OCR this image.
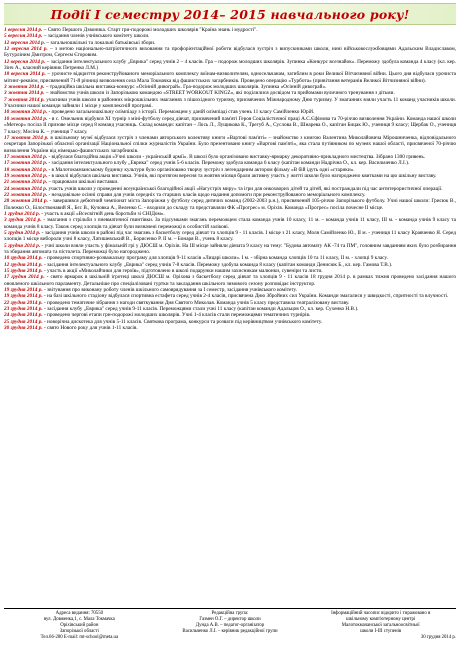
Події І семестру 2014– 2015 навчального року!

1 вересня 2014 р. – Свято Першого Дзвоника. Старт гри-подорожі молодших школярів "Країна знань і мудрості".

5 вересня 2014 р. – засідання членів учнівського комітету школи.

12 вересня 2014 р. – загальношкільні та локальні батьківські збори.

12 вересня 2014 р. – з метою національно-патріотичного виховання та профорієнтаційної роботи відбулася зустріч з випускниками школи, нині військовослужбовцями Адальским Владиславом, Бутурліним Дмитром, Сергеєм Єгоровим.

12 вересня 2014 р. – засідання інтелектуального клубу „Еврика" серед учнів 2 – 4 класів. Гра – подорож молодших школярів. Зупинка «Конкурс всезнайок». Переможу здобула команда 4 класу (кл. кер. Зінч А., класний керівник Петренко Л.М.)

18 вересня 2014 р. – урочисте відкриття реконструйованого меморіального комплексу воїнам-визволителям, односельчанам, загиблим в роки Великої Вітчизняної війни. Цього дня відбулася урочиста мітинг-реквієм, присвячений 71-й річниці визволення села Мала Токмачка від фашистських загарбників. Проведено операцію «Турбота» (привітання ветеранів Великої Вітчизняної війни).

3 жовтня 2014 р. – традиційна шкільна виставка-конкурс «Осінній дивограй». Гра-подорож молодших школярів. Зупинка «Осінній дивограй».

3 жовтня 2014 р. – знайомство учнів школи із Запорізькою командою «STREET WORKOUT KINGZ», які поділилися досвідом та прийомами вуличного тренування з дітьми.

7 жовтня 2014 р. учасники учнів школи в районних мікрошкільних змаганнях з пішохідного туризму, присвячених Міжнародному Дню туризму. У змаганнях взяли участь 11 команд учасників школи. Учасники нашої команди зайняли 1 місце у комплексній програмі.

10 жовтня 2014 р. - проведено загальношкільну олімпіаду з історії. Переможцем у даній олімпіаді став учень 11 класу Самійленко Юрій.

10 жовтня 2014 р. - в с. Омельник відбувся ХІ турнір з міні-футболу серед дівчат, присвячений пам'яті Героя Соціалістичної праці А.С.Єфімова та 70-річчю визволення України. Команда нашої школи «Метеор» посіла ІІ призове місце серед 8 команд учасниць. Склад команди: капітан – Лось Л., Лущикова К., Трегуб А., Суслова В., Шнарева О., капітан Бицак Ю., учениця 9 класу; Щербак О., учениця 7 класу; Мосіна К. – учениця 7 класу.

17 жовтня 2014 р. в шкільному музеї відбулася зустріч з членами авторського колективу книги «Вартові пам'яті» – знайомство з книгою Валентина Миколайовича Мірошниченка, відповідального секретаря Запорізької обласної організації Національної спілки журналістів України. Було презентовано книгу «Вартові пам'яті», яка стала путівником по музеях нашої області, присвяченої 70-річчю визволення України від німецько-фашистських загарбників.

17 жовтня 2014 р. - відбулася благодійна акція «Учні школи - українській армії». В школі було організовано виставку-ярмарку декоративно-прикладного мистецтва. Зібрано 1300 гривень.

17 жовтня 2014 р. - засідання інтелектуального клубу „Еврика" серед учнів 5-6 класів. Переможу здобула команда 6 класу (капітан команди Надрічна О., кл. кер. Васильченко Л.І.).

18 жовтня 2014 р. - в Малотокмачанському будинку культури було організовано творчу зустріч з легендарним актором фільму «В бій ідуть одні «старики».

19 жовтня 2014 р. - в школі відбулася шкільна виставка. Учнів, які протягом вересня та жовтня місяця брали активну участь у житті школи було нагороджено квитками на цю шкільну виставу.

21 жовтня 2014 р. – працювали шкільні виставки.

24 жовтня 2014 р. участь учнів школи у проведенні всеукраїнської благодійної акції «Нагустріч миру» та ігри для онкохворих дітей та дітей, які постраждали під час антитерористичної операції.

22 жовтня 2014 р. - незадовільне осінні справи для учнів середніх та старших класів щодо надання допомоги при реконструйованого меморіального комплексу.

28 жовтня 2014 р. - завершився дебютний чемпіонат міста Запоріжжя у футболу серед дитячих команд (2002-2003 р.н.), присвячений 105-річчю Запорізького футболу. Учні нашої школи: Грисюк В., Полежко О., Білоствонавий Я., Бєс В., Кучовка А., Веленко С. - входили до складу та представляли ФК «Прогрес» м. Оріхів. Команда «Прогрес» посіла почесне ІІ місце.

1 грудня 2014 р. - участь в акції «Всесвітній день боротьби зі СНІДом».

3 грудня 2014 р. - змагання з стрільби з пневматичної гвинтівки. За підсумками змагань переможцем стала команда учнів 10 класу, 11 м. – команда учнів 11 класу, ІІІ м. - команда учнів 9 класу та команда учнів 8 класу. Також серед хлопців та дівчат були визначені переможці в особистій залікові.

5 грудня 2014 р. - засідання учнів школи в районі під час змагань з баскетболу серед дівчат та хлопців 9 - 11 класів. І місце з 21 класу, Моля Самійленко Ю., ІІ м. - учениця 11 класу Кравченко Я. Серед хлопців 1 місце вибороли учні 8 класу, Латишевський В., Борисенко Р. ІІ м. – Бонаря В., учень 8 класу.

5 грудня 2014 р. - учні школи взяли участь у фінальній грі у ДЮСШ м. Оріхів. На ІІІ місце зайняли дівчата 9 класу на тему: "Будова автомату АК -74 та ПМ", головним завданням яких було розбирання та збирання автомата та пістолета. Переможці було нагороджено.

10 грудня 2014 р. - проведено спортивно-розважальну програму для хлопців 9-11 класів «Лицарі школи». І м. - збірна команда хлопців 10 та 11 класу, ІІ м. - хлопці 9 класу.

12 грудня 2014 р. - засідання інтелектуального клубу „Еврика" серед учнів 7-8 класів. Переможу здобула команда 8 класу (капітан команди Денисюк Б., кл. кер. Гамова Т.В.).

15 грудня 2014 р. - участь в акції «Миколайчики для героїв», підготовлено в школі подарунки нашим захисникам малюнки, сувеніри та листи.

17 грудня 2014 р. - свято ярмарок в шкільній ігротеці школі ДЮСШ м. Оріхова з баскетболу серед дівчат та хлопців 9 - 11 класів 18 грудня 2014 р. в рамках тижня проведено засідання нашого оновленого шкільного парламенту. Детальніше про спеціалізовані гуртки та закладання шкільного зимового сезону розповідає інструктор.

19 грудня 2014 р. - звітування про виконану роботу членів шкільного самоврядування за І семестр, засідання учнівського комітету.

19 грудня 2014 р. - на базі шкільного стадіону відбулася спортивна естафета серед учнів 2-4 класів, присвячена Дню Збройних сил України. Команди змагалися у швидкості, спритності та влучності.

22 грудня 2014 р. - проведено тематичне зібрання з нагоди святкування Дня Святого Миколая. Команда учнів 5 класу представила театралізовану виставу.

23 грудня 2014 р. - засідання клубу „Еврика" серед учнів 9-11 класів. Переможцями стали учні 11 класу (капітан команди Адальцов О., кл. кер. Сухенко Н.В.).

24 грудня 2014 р. - проведено чергові етапи гри-подорожі молодших школярів. Учні 1-4 класів стали переможцями тематичних турнірів.

25 грудня 2014 р. - новорічна дискотека для учнів 5-11 класів. Святкова програма, конкурси та розваги під керівництвом учнівського комітету.

30 грудня 2014 р. - свято Нового року для учнів 1-11 класів.

Адреса видання: 70550
вул. Довженка,1, с. Мала Токмачка
Оріхівський район
Запорізької області
Тел.66-280 E-mail: mt-school@meta.ua
Редакційна група:
Газмен О.Г. – директор школи
Дунда А.В. – педагог-організатор
Васильченко Л.І. – керівник редакційної групи
Інформаційний часопис відкрито і тиражовано в
шкільному комп'ютерному центрі
Малотокмачанської загальноосвітньої
школи І-ІІІ ступенів
30 грудня 2014 р.
